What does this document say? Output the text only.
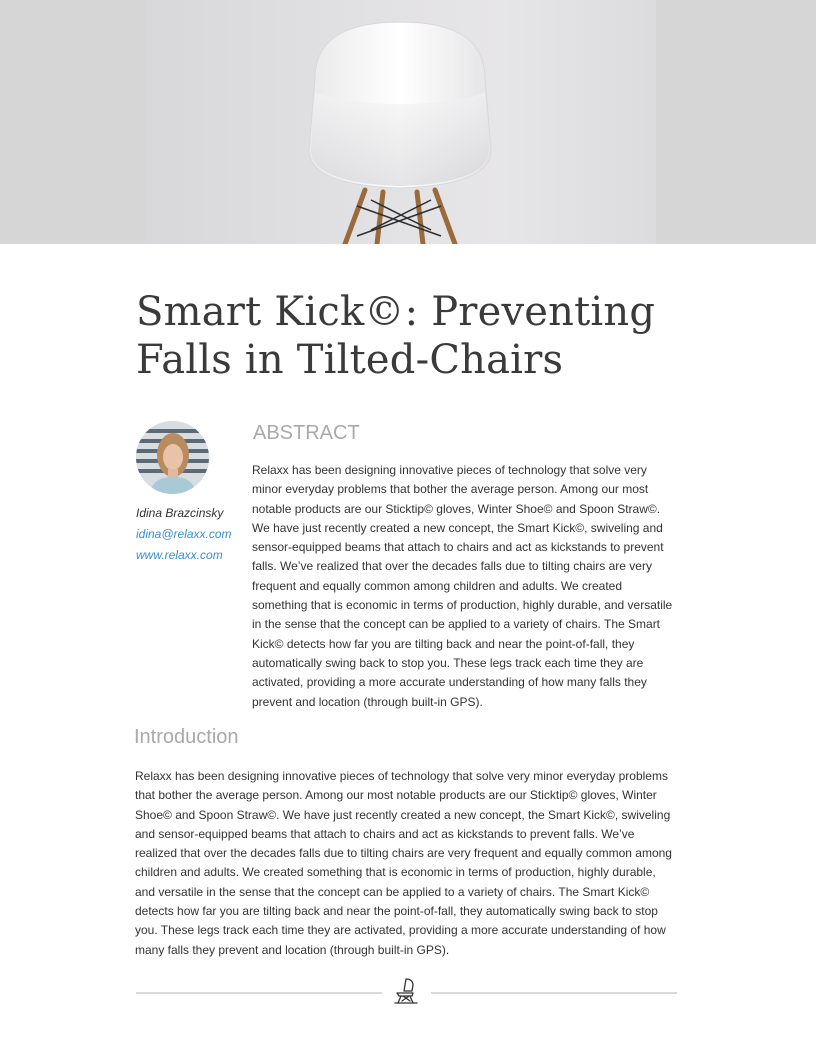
Smart Kick©: Preventing Falls in Tilted-Chairs
Idina Brazcinsky
idina@relaxx.com
www.relaxx.com
ABSTRACT

Relaxx has been designing innovative pieces of technology that solve very minor everyday problems that bother the average person. Among our most notable products are our Sticktip© gloves, Winter Shoe© and Spoon Straw©. We have just recently created a new concept, the Smart Kick©, swiveling and sensor-equipped beams that attach to chairs and act as kickstands to prevent falls. We’ve realized that over the decades falls due to tilting chairs are very frequent and equally common among children and adults. We created something that is economic in terms of production, highly durable, and versatile in the sense that the concept can be applied to a variety of chairs. The Smart Kick© detects how far you are tilting back and near the point-of-fall, they automatically swing back to stop you. These legs track each time they are activated, providing a more accurate understanding of how many falls they prevent and location (through built-in GPS).

Introduction

Relaxx has been designing innovative pieces of technology that solve very minor everyday problems that bother the average person. Among our most notable products are our Sticktip© gloves, Winter Shoe© and Spoon Straw©. We have just recently created a new concept, the Smart Kick©, swiveling and sensor-equipped beams that attach to chairs and act as kickstands to prevent falls. We’ve realized that over the decades falls due to tilting chairs are very frequent and equally common among children and adults. We created something that is economic in terms of production, highly durable, and versatile in the sense that the concept can be applied to a variety of chairs. The Smart Kick© detects how far you are tilting back and near the point-of-fall, they automatically swing back to stop you. These legs track each time they are activated, providing a more accurate understanding of how many falls they prevent and location (through built-in GPS).
